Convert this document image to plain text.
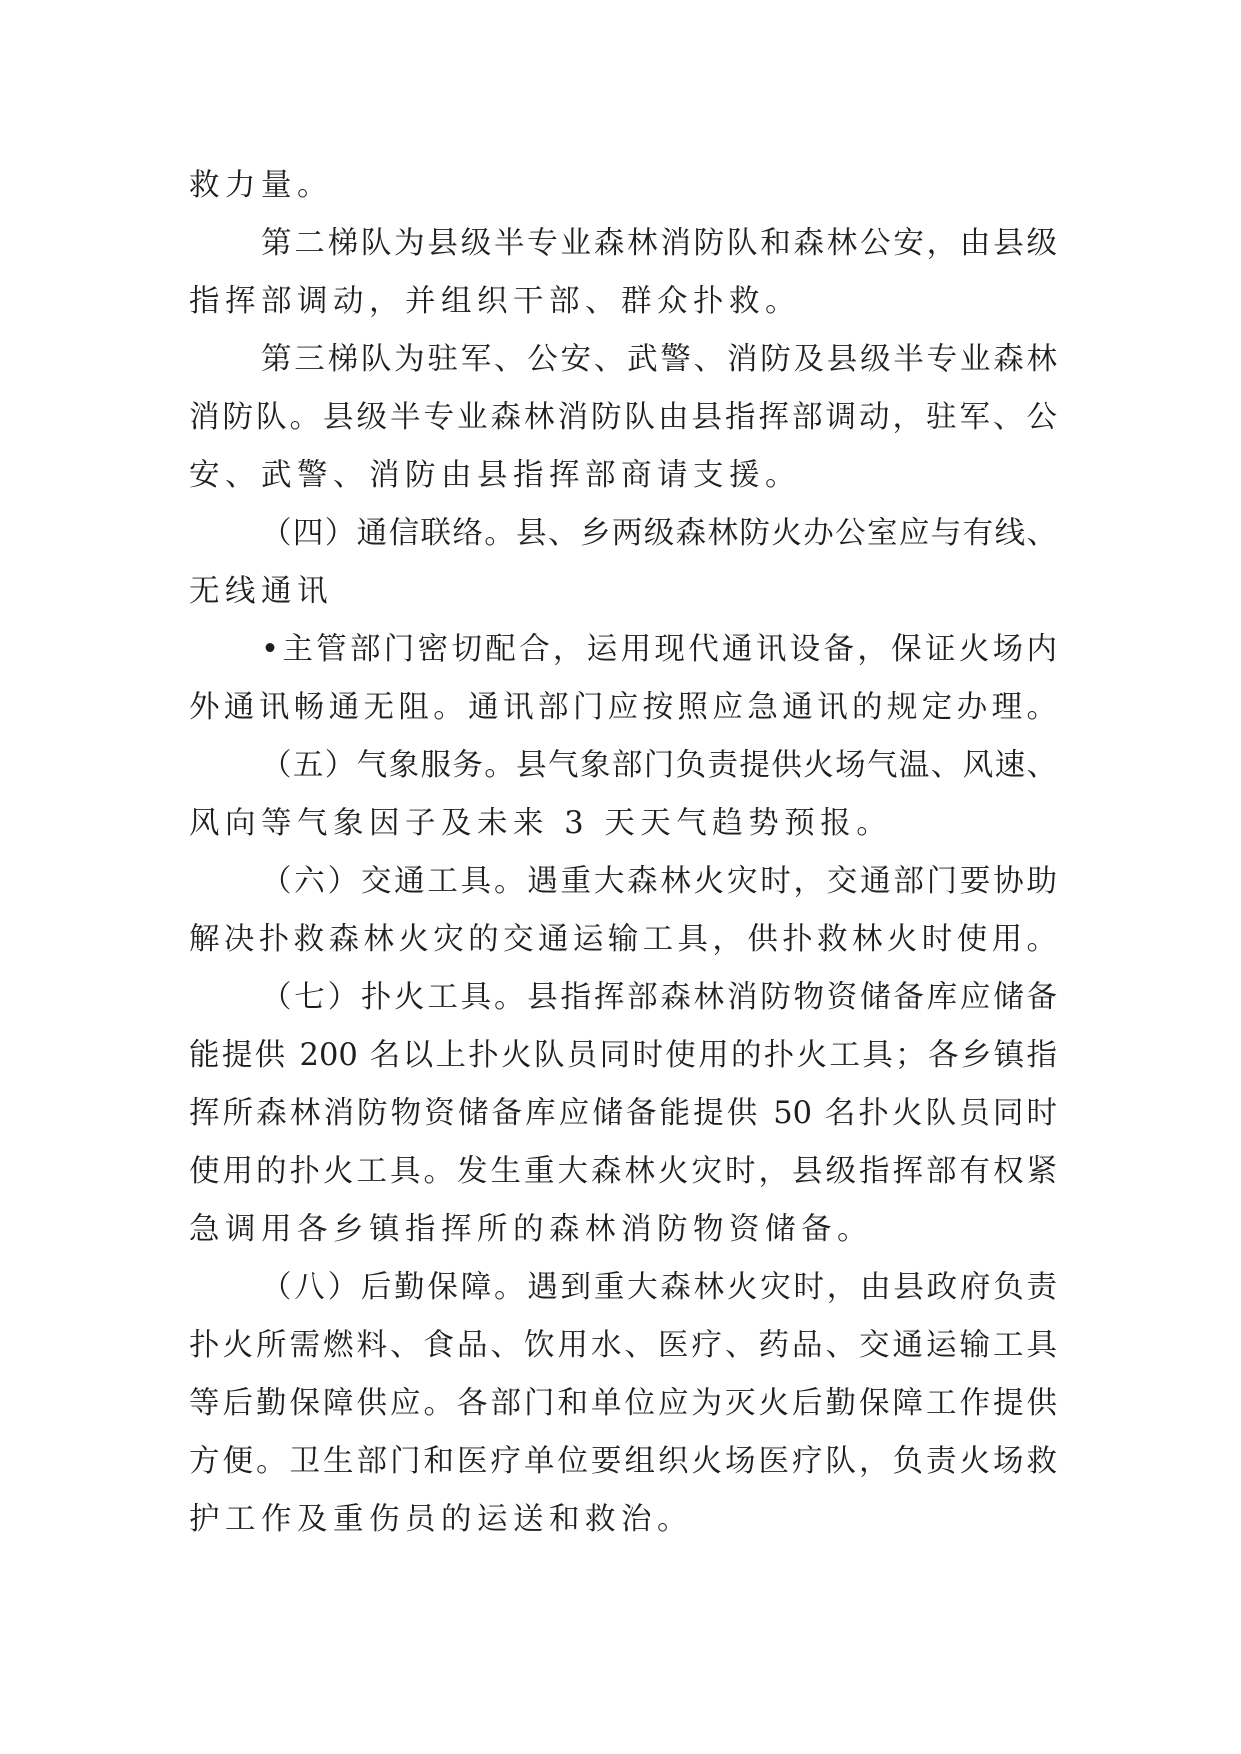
救力量。
第二梯队为县级半专业森林消防队和森林公安，由县级
指挥部调动，并组织干部、群众扑救。
第三梯队为驻军、公安、武警、消防及县级半专业森林
消防队。县级半专业森林消防队由县指挥部调动，驻军、公
安、武警、消防由县指挥部商请支援。
（四）通信联络。县、乡两级森林防火办公室应与有线、
无线通讯
•主管部门密切配合，运用现代通讯设备，保证火场内
外通讯畅通无阻。通讯部门应按照应急通讯的规定办理。
（五）气象服务。县气象部门负责提供火场气温、风速、
风向等气象因子及未来 3 天天气趋势预报。
（六）交通工具。遇重大森林火灾时，交通部门要协助
解决扑救森林火灾的交通运输工具，供扑救林火时使用。
（七）扑火工具。县指挥部森林消防物资储备库应储备
能提供 200 名以上扑火队员同时使用的扑火工具；各乡镇指
挥所森林消防物资储备库应储备能提供 50 名扑火队员同时
使用的扑火工具。发生重大森林火灾时，县级指挥部有权紧
急调用各乡镇指挥所的森林消防物资储备。
（八）后勤保障。遇到重大森林火灾时，由县政府负责
扑火所需燃料、食品、饮用水、医疗、药品、交通运输工具
等后勤保障供应。各部门和单位应为灭火后勤保障工作提供
方便。卫生部门和医疗单位要组织火场医疗队，负责火场救
护工作及重伤员的运送和救治。
